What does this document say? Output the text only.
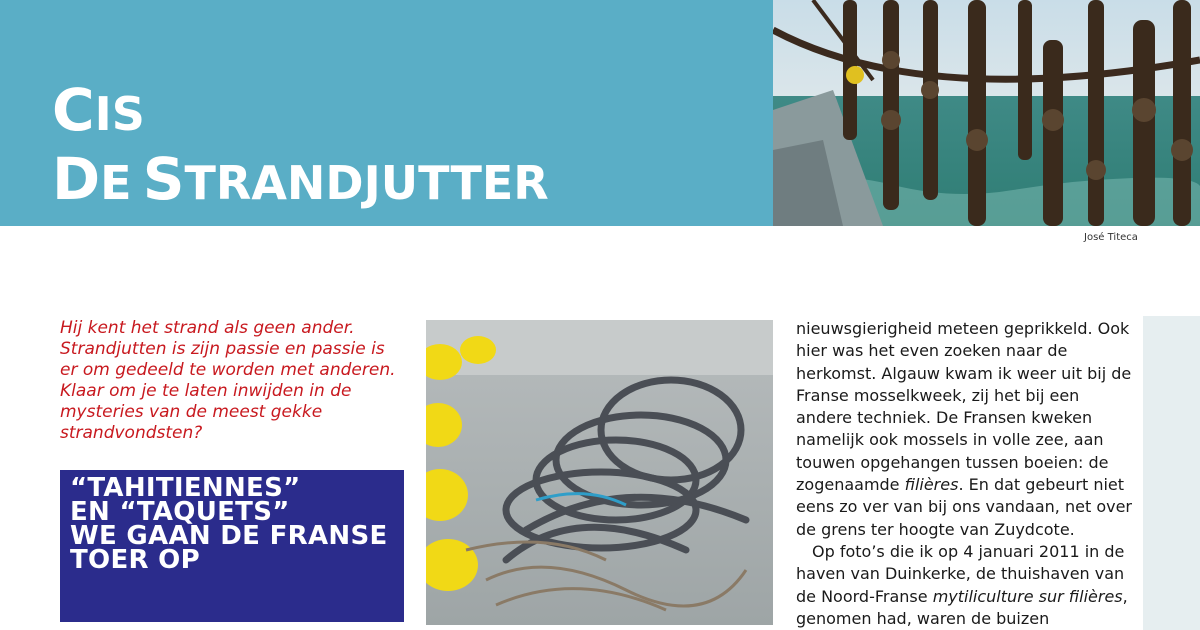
CIS
DE STRANDJUTTER
José Titeca

Hij kent het strand als geen ander. Strandjutten is zijn passie en passie is er om gedeeld te worden met anderen. Klaar om je te laten inwijden in de mysteries van de meest gekke strandvondsten?

“TAHITIENNES”
EN “TAQUETS”
WE GAAN DE FRANSE
TOER OP

nieuwsgierigheid meteen geprikkeld. Ook hier was het even zoeken naar de herkomst. Algauw kwam ik weer uit bij de Franse mosselkweek, zij het bij een andere techniek. De Fransen kweken namelijk ook mossels in volle zee, aan touwen opgehangen tussen boeien: de zogenaamde filières. En dat gebeurt niet eens zo ver van bij ons vandaan, net over de grens ter hoogte van Zuydcote.

Op foto’s die ik op 4 januari 2011 in de haven van Duinkerke, de thuishaven van de Noord-Franse mytiliculture sur filières, genomen had, waren de buizen
